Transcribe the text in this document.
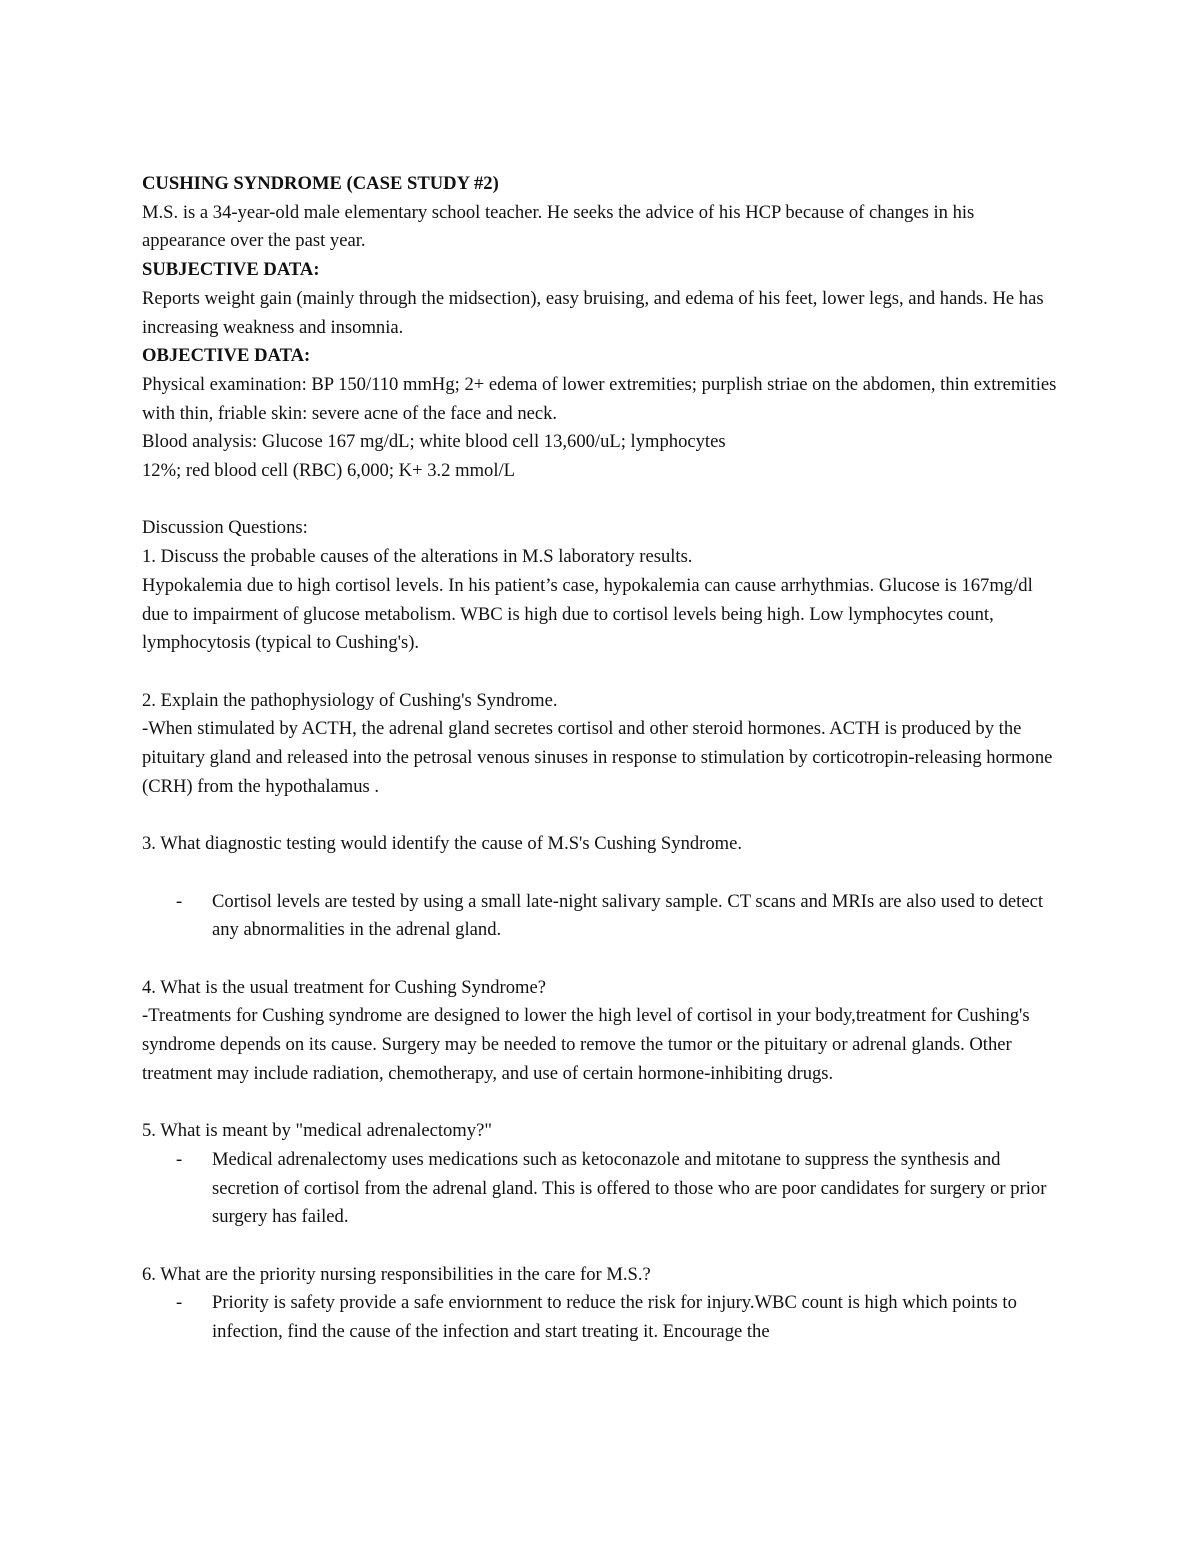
CUSHING SYNDROME (CASE STUDY #2)

M.S. is a 34-year-old male elementary school teacher. He seeks the advice of his HCP because of changes in his appearance over the past year.

SUBJECTIVE DATA:

Reports weight gain (mainly through the midsection), easy bruising, and edema of his feet, lower legs, and hands. He has increasing weakness and insomnia.

OBJECTIVE DATA:

Physical examination: BP 150/110 mmHg; 2+ edema of lower extremities; purplish striae on the abdomen, thin extremities with thin, friable skin: severe acne of the face and neck.

Blood analysis: Glucose 167 mg/dL; white blood cell 13,600/uL; lymphocytes

12%; red blood cell (RBC) 6,000; K+ 3.2 mmol/L

Discussion Questions:

1. Discuss the probable causes of the alterations in M.S laboratory results.

Hypokalemia due to high cortisol levels. In his patient’s case, hypokalemia can cause arrhythmias. Glucose is 167mg/dl due to impairment of glucose metabolism. WBC is high due to cortisol levels being high. Low lymphocytes count, lymphocytosis (typical to Cushing's).

2. Explain the pathophysiology of Cushing's Syndrome.

-When stimulated by ACTH, the adrenal gland secretes cortisol and other steroid hormones. ACTH is produced by the pituitary gland and released into the petrosal venous sinuses in response to stimulation by corticotropin-releasing hormone (CRH) from the hypothalamus .

3. What diagnostic testing would identify the cause of M.S's Cushing Syndrome.

-	Cortisol levels are tested by using a small late-night salivary sample. CT scans and MRIs are also used to detect any abnormalities in the adrenal gland.

4. What is the usual treatment for Cushing Syndrome?

-Treatments for Cushing syndrome are designed to lower the high level of cortisol in your body,treatment for Cushing's syndrome depends on its cause. Surgery may be needed to remove the tumor or the pituitary or adrenal glands. Other treatment may include radiation, chemotherapy, and use of certain hormone-inhibiting drugs.

5. What is meant by "medical adrenalectomy?"

-	Medical adrenalectomy uses medications such as ketoconazole and mitotane to suppress the synthesis and secretion of cortisol from the adrenal gland. This is offered to those who are poor candidates for surgery or prior surgery has failed.

6. What are the priority nursing responsibilities in the care for M.S.?

-	Priority is safety provide a safe enviornment to reduce the risk for injury.WBC count is high which points to infection, find the cause of the infection and start treating it. Encourage the
